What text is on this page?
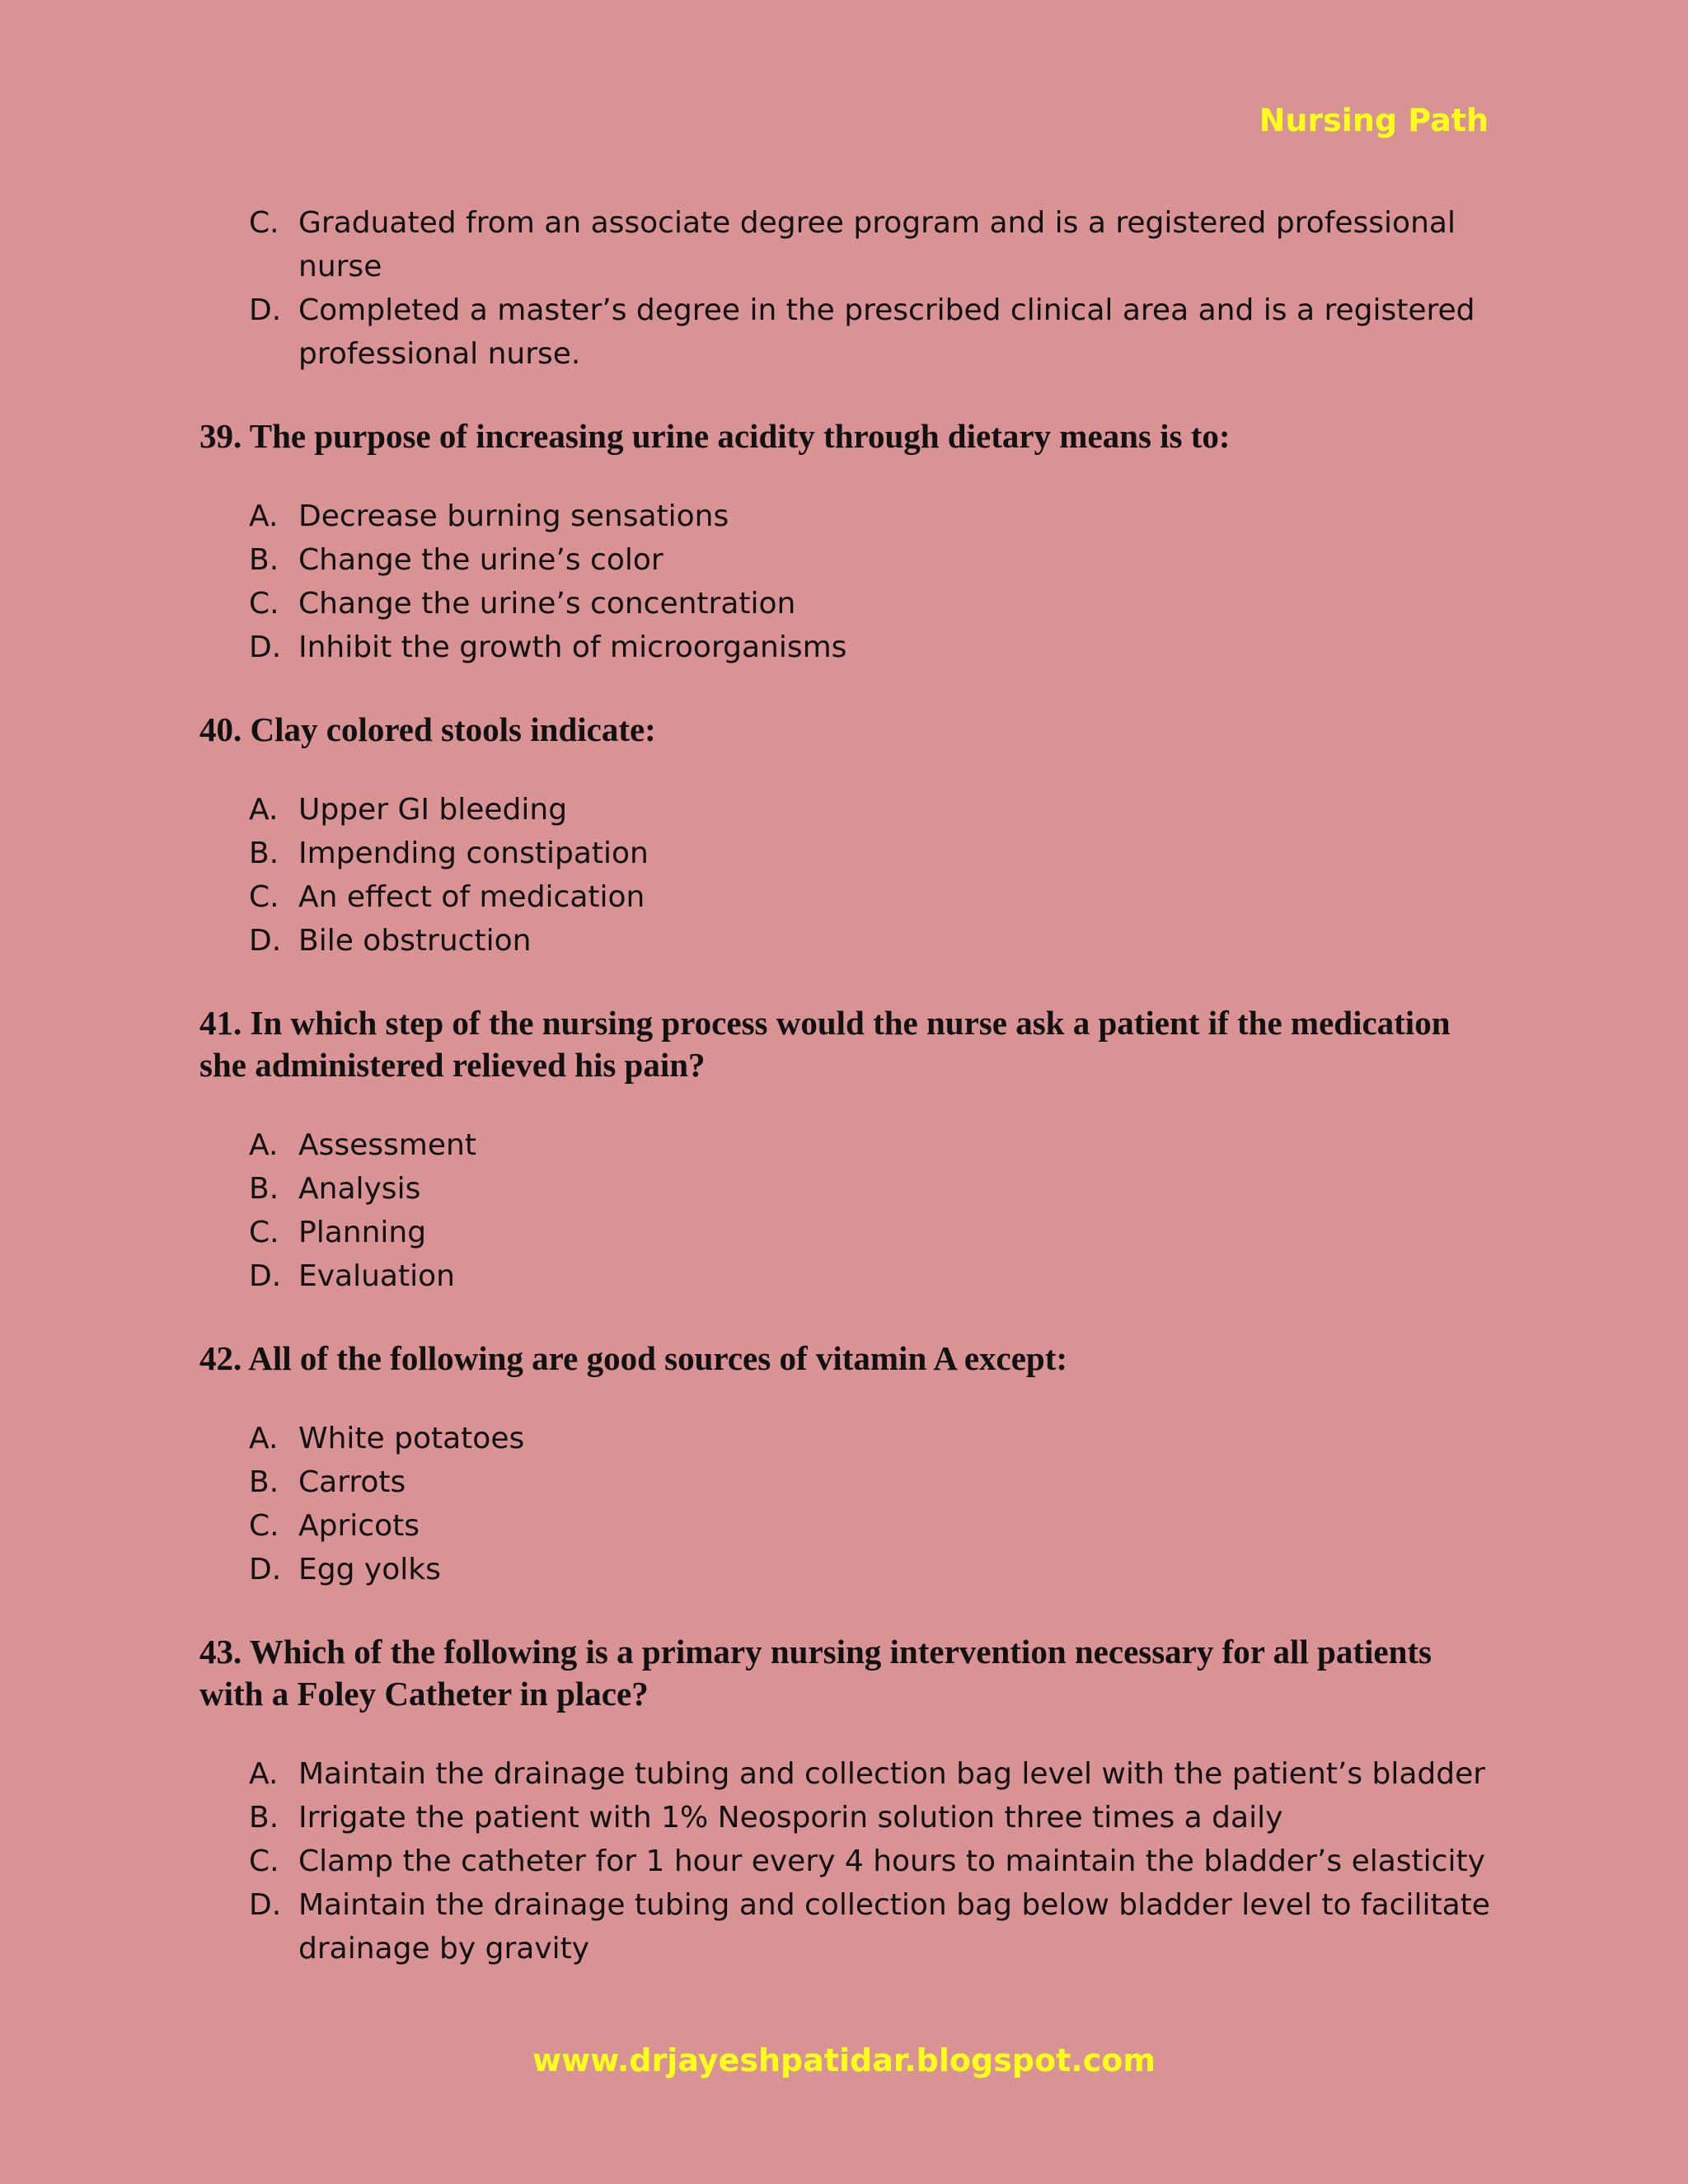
Nursing Path
C. Graduated from an associate degree program and is a registered professional nurse
D. Completed a master’s degree in the prescribed clinical area and is a registered professional nurse.

39. The purpose of increasing urine acidity through dietary means is to:

A. Decrease burning sensations
B. Change the urine’s color
C. Change the urine’s concentration
D. Inhibit the growth of microorganisms

40. Clay colored stools indicate:

A. Upper GI bleeding
B. Impending constipation
C. An effect of medication
D. Bile obstruction

41. In which step of the nursing process would the nurse ask a patient if the medication she administered relieved his pain?

A. Assessment
B. Analysis
C. Planning
D. Evaluation

42. All of the following are good sources of vitamin A except:

A. White potatoes
B. Carrots
C. Apricots
D. Egg yolks

43. Which of the following is a primary nursing intervention necessary for all patients with a Foley Catheter in place?

A. Maintain the drainage tubing and collection bag level with the patient’s bladder
B. Irrigate the patient with 1% Neosporin solution three times a daily
C. Clamp the catheter for 1 hour every 4 hours to maintain the bladder’s elasticity
D. Maintain the drainage tubing and collection bag below bladder level to facilitate drainage by gravity
www.drjayeshpatidar.blogspot.com
